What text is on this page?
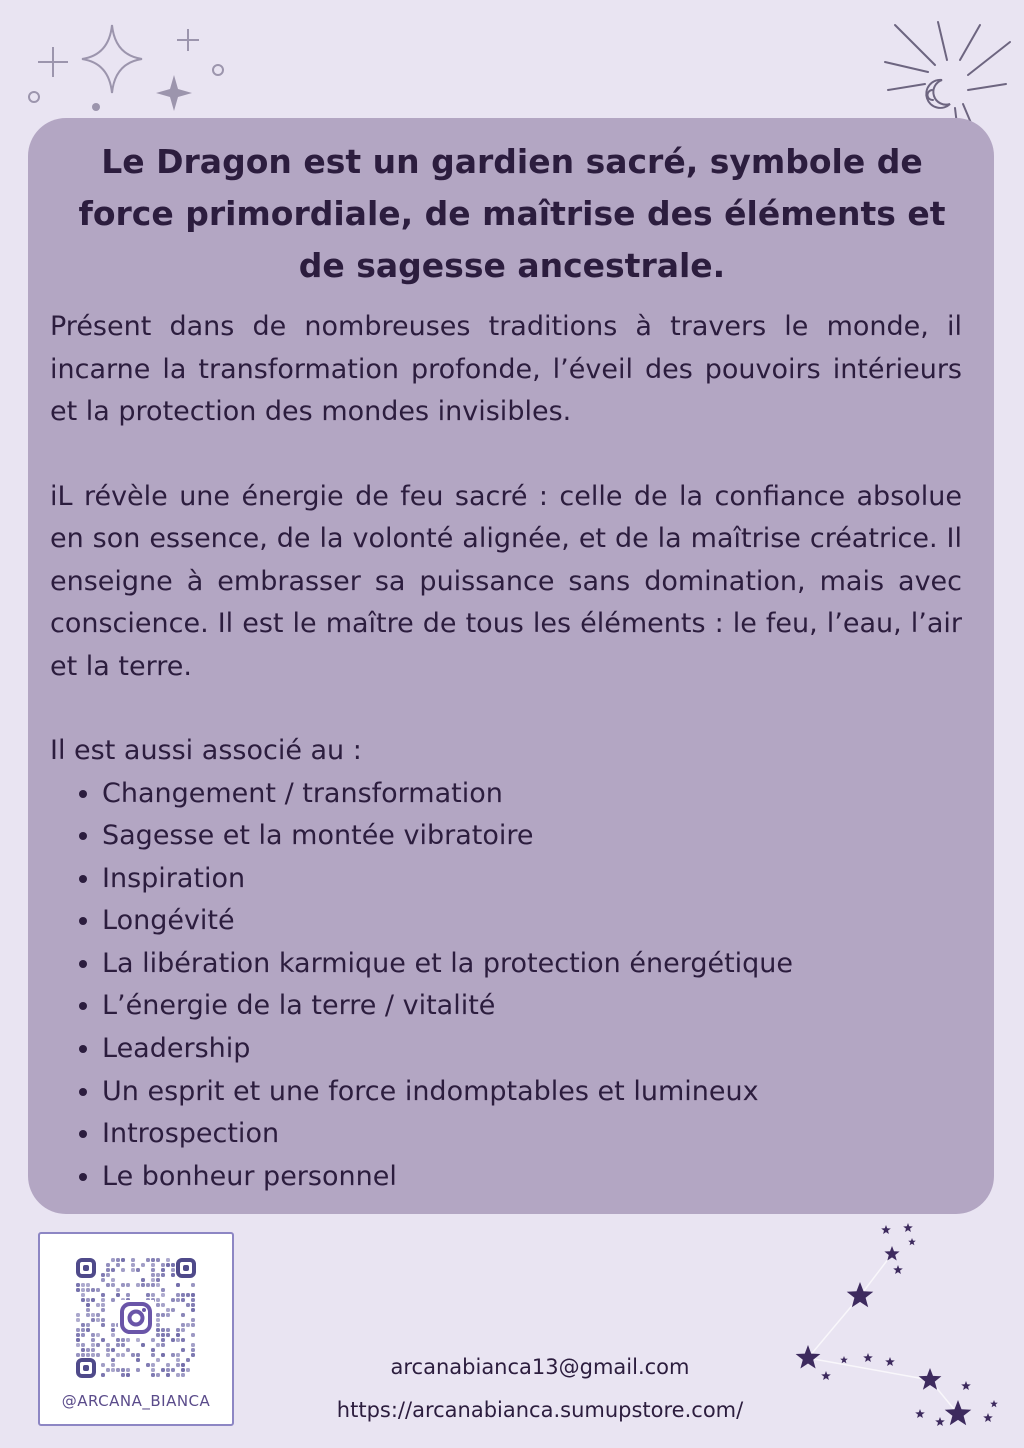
Le Dragon est un gardien sacré, symbole de force primordiale, de maîtrise des éléments et de sagesse ancestrale.

Présent dans de nombreuses traditions à travers le monde, il incarne la transformation profonde, l’éveil des pouvoirs intérieurs et la protection des mondes invisibles.

iL révèle une énergie de feu sacré : celle de la confiance absolue en son essence, de la volonté alignée, et de la maîtrise créatrice. Il enseigne à embrasser sa puissance sans domination, mais avec conscience. Il est le maître de tous les éléments : le feu, l’eau, l’air et la terre.

Il est aussi associé au :

• Changement / transformation
• Sagesse et la montée vibratoire
• Inspiration
• Longévité
• La libération karmique et la protection énergétique
• L’énergie de la terre / vitalité
• Leadership
• Un esprit et une force indomptables et lumineux
• Introspection
• Le bonheur personnel
@ARCANA_BIANCA
arcanabianca13@gmail.com
https://arcanabianca.sumupstore.com/
